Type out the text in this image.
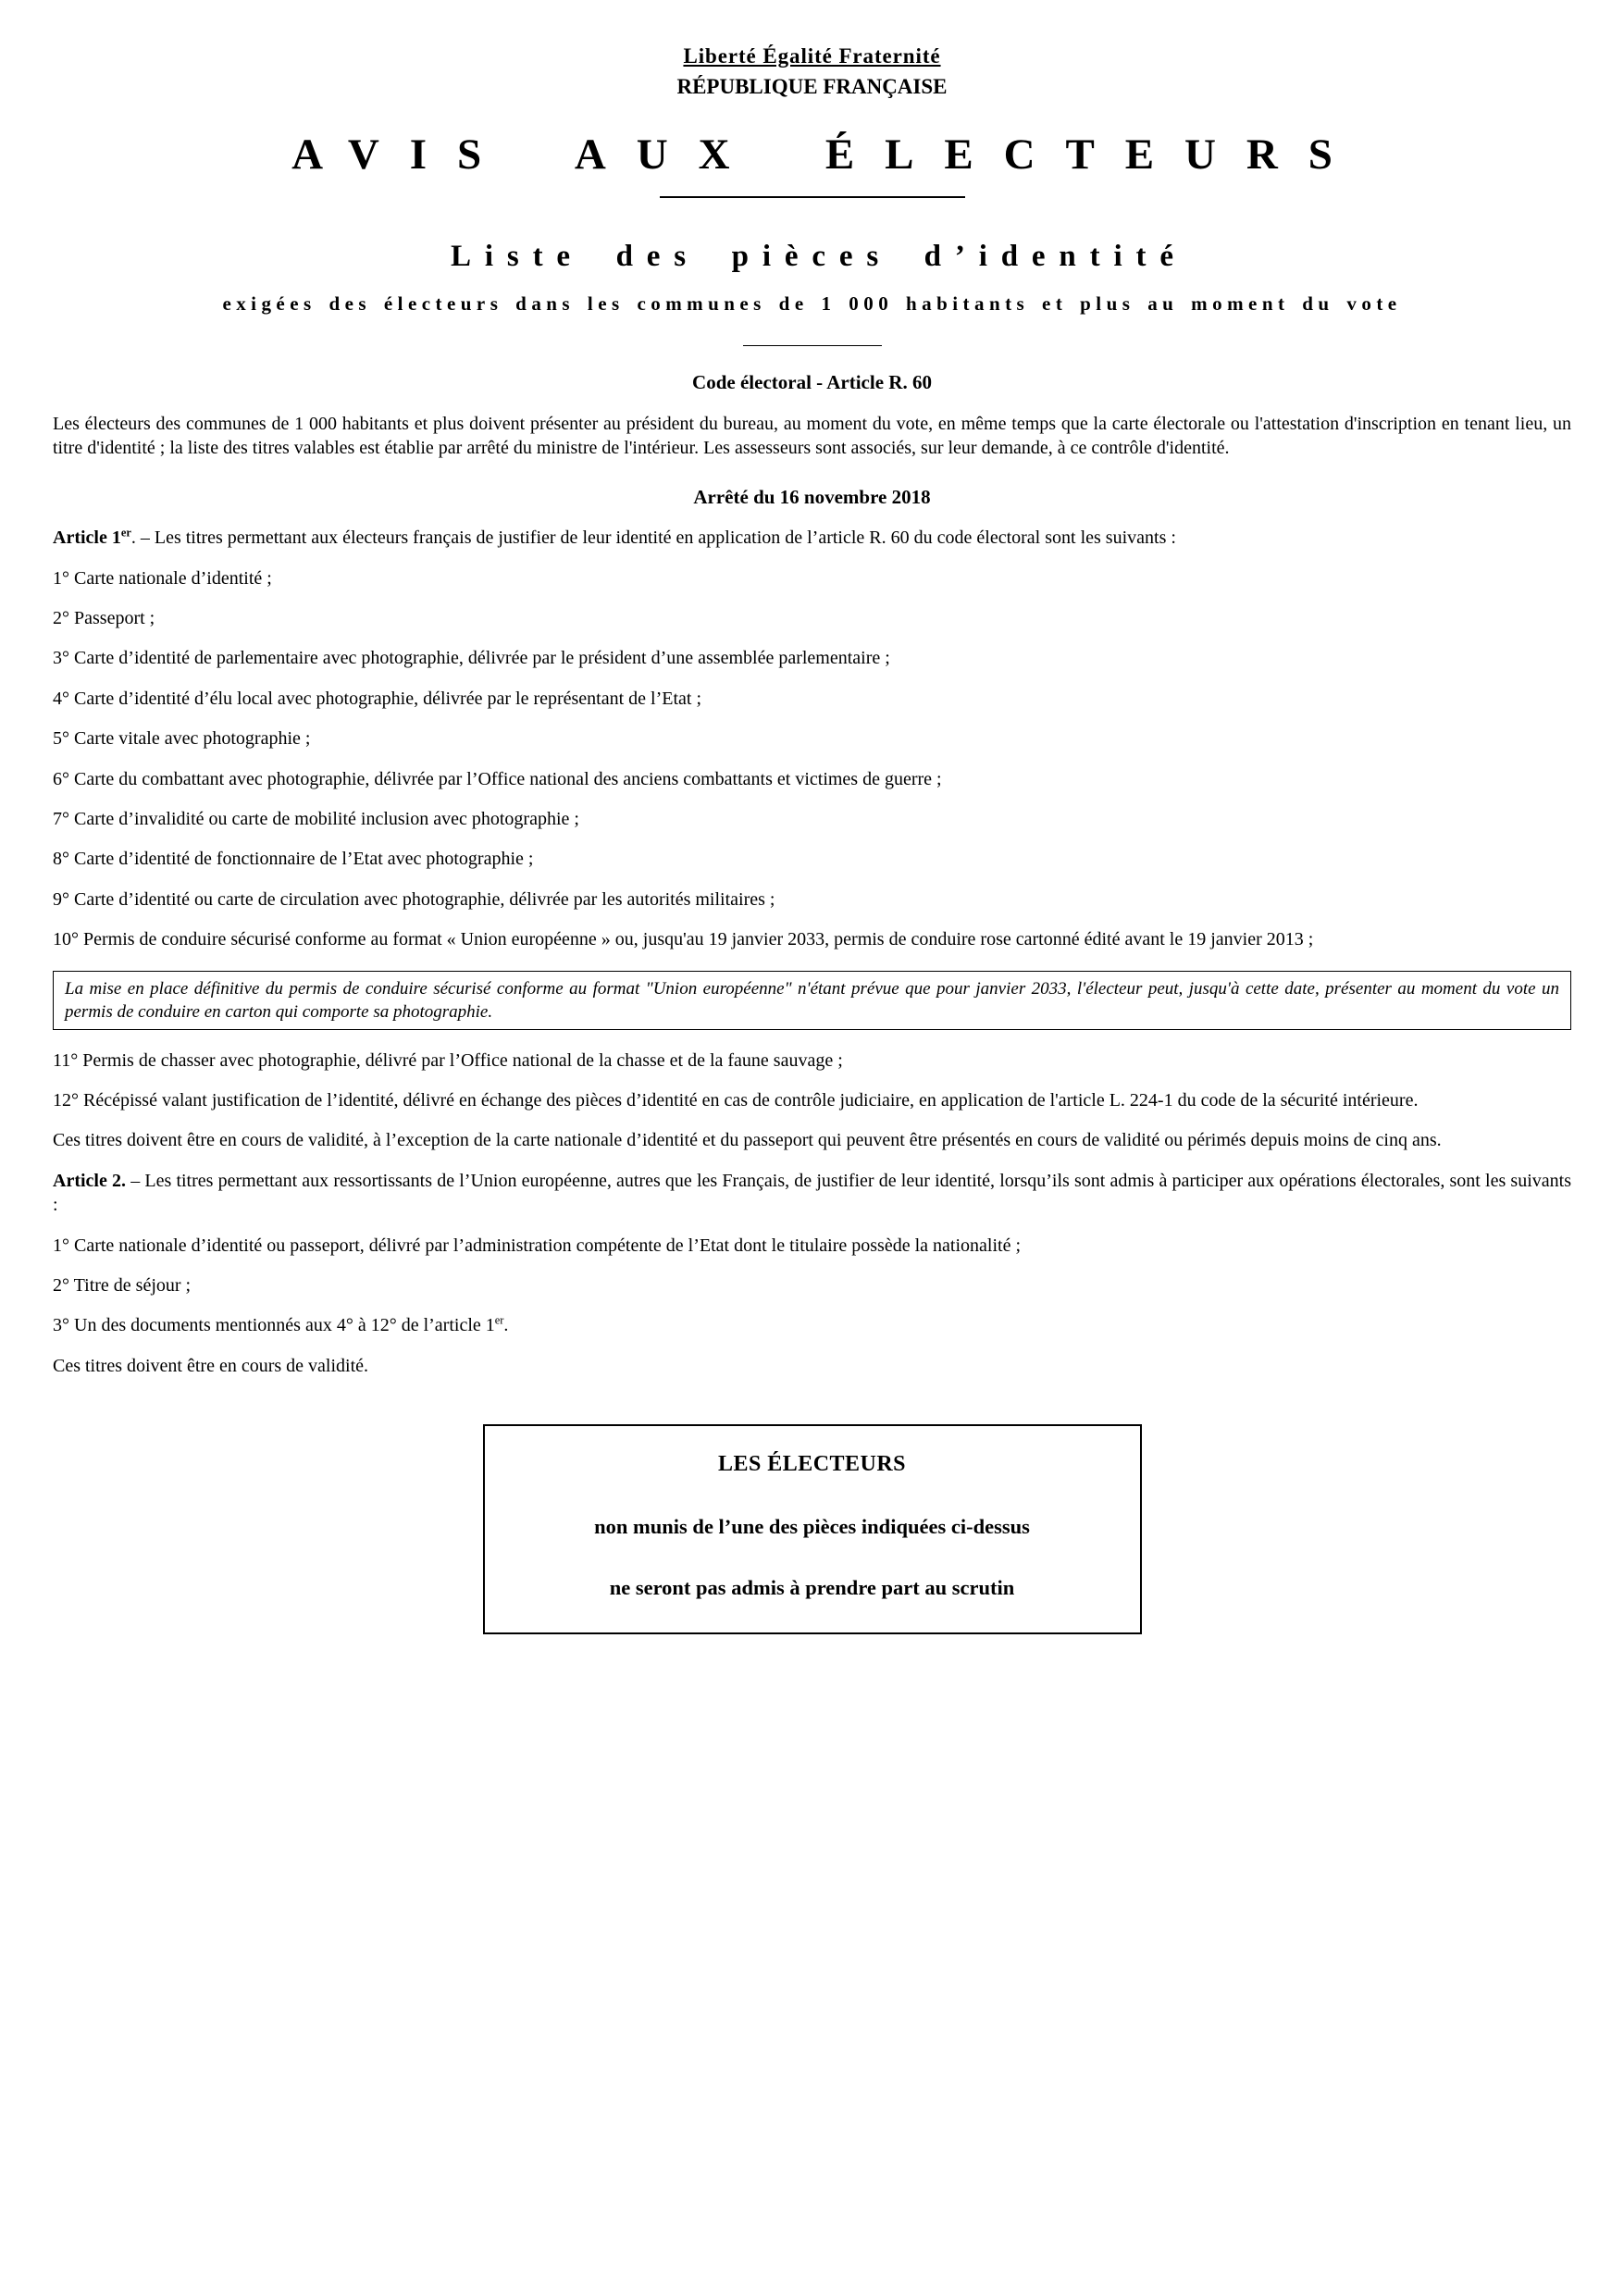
Liberté Égalité Fraternité
RÉPUBLIQUE FRANÇAISE
AVIS AUX ÉLECTEURS
Liste des pièces d’identité
exigées des électeurs dans les communes de 1 000 habitants et plus au moment du vote
Code électoral - Article R. 60

Les électeurs des communes de 1 000 habitants et plus doivent présenter au président du bureau, au moment du vote, en même temps que la carte électorale ou l'attestation d'inscription en tenant lieu, un titre d'identité ; la liste des titres valables est établie par arrêté du ministre de l'intérieur. Les assesseurs sont associés, sur leur demande, à ce contrôle d'identité.

Arrêté du 16 novembre 2018

Article 1er. – Les titres permettant aux électeurs français de justifier de leur identité en application de l’article R. 60 du code électoral sont les suivants :

1° Carte nationale d’identité ;

2° Passeport ;

3° Carte d’identité de parlementaire avec photographie, délivrée par le président d’une assemblée parlementaire ;

4° Carte d’identité d’élu local avec photographie, délivrée par le représentant de l’Etat ;

5° Carte vitale avec photographie ;

6° Carte du combattant avec photographie, délivrée par l’Office national des anciens combattants et victimes de guerre ;

7° Carte d’invalidité ou carte de mobilité inclusion avec photographie ;

8° Carte d’identité de fonctionnaire de l’Etat avec photographie ;

9° Carte d’identité ou carte de circulation avec photographie, délivrée par les autorités militaires ;

10° Permis de conduire sécurisé conforme au format « Union européenne » ou, jusqu'au 19 janvier 2033, permis de conduire rose cartonné édité avant le 19 janvier 2013 ;

La mise en place définitive du permis de conduire sécurisé conforme au format "Union européenne" n'étant prévue que pour janvier 2033, l'électeur peut, jusqu'à cette date, présenter au moment du vote un permis de conduire en carton qui comporte sa photographie.

11° Permis de chasser avec photographie, délivré par l’Office national de la chasse et de la faune sauvage ;

12° Récépissé valant justification de l’identité, délivré en échange des pièces d’identité en cas de contrôle judiciaire, en application de l'article L. 224-1 du code de la sécurité intérieure.

Ces titres doivent être en cours de validité, à l’exception de la carte nationale d’identité et du passeport qui peuvent être présentés en cours de validité ou périmés depuis moins de cinq ans.

Article 2. – Les titres permettant aux ressortissants de l’Union européenne, autres que les Français, de justifier de leur identité, lorsqu’ils sont admis à participer aux opérations électorales, sont les suivants :

1° Carte nationale d’identité ou passeport, délivré par l’administration compétente de l’Etat dont le titulaire possède la nationalité ;

2° Titre de séjour ;

3° Un des documents mentionnés aux 4° à 12° de l’article 1er.

Ces titres doivent être en cours de validité.

LES ÉLECTEURS
non munis de l’une des pièces indiquées ci-dessus
ne seront pas admis à prendre part au scrutin
